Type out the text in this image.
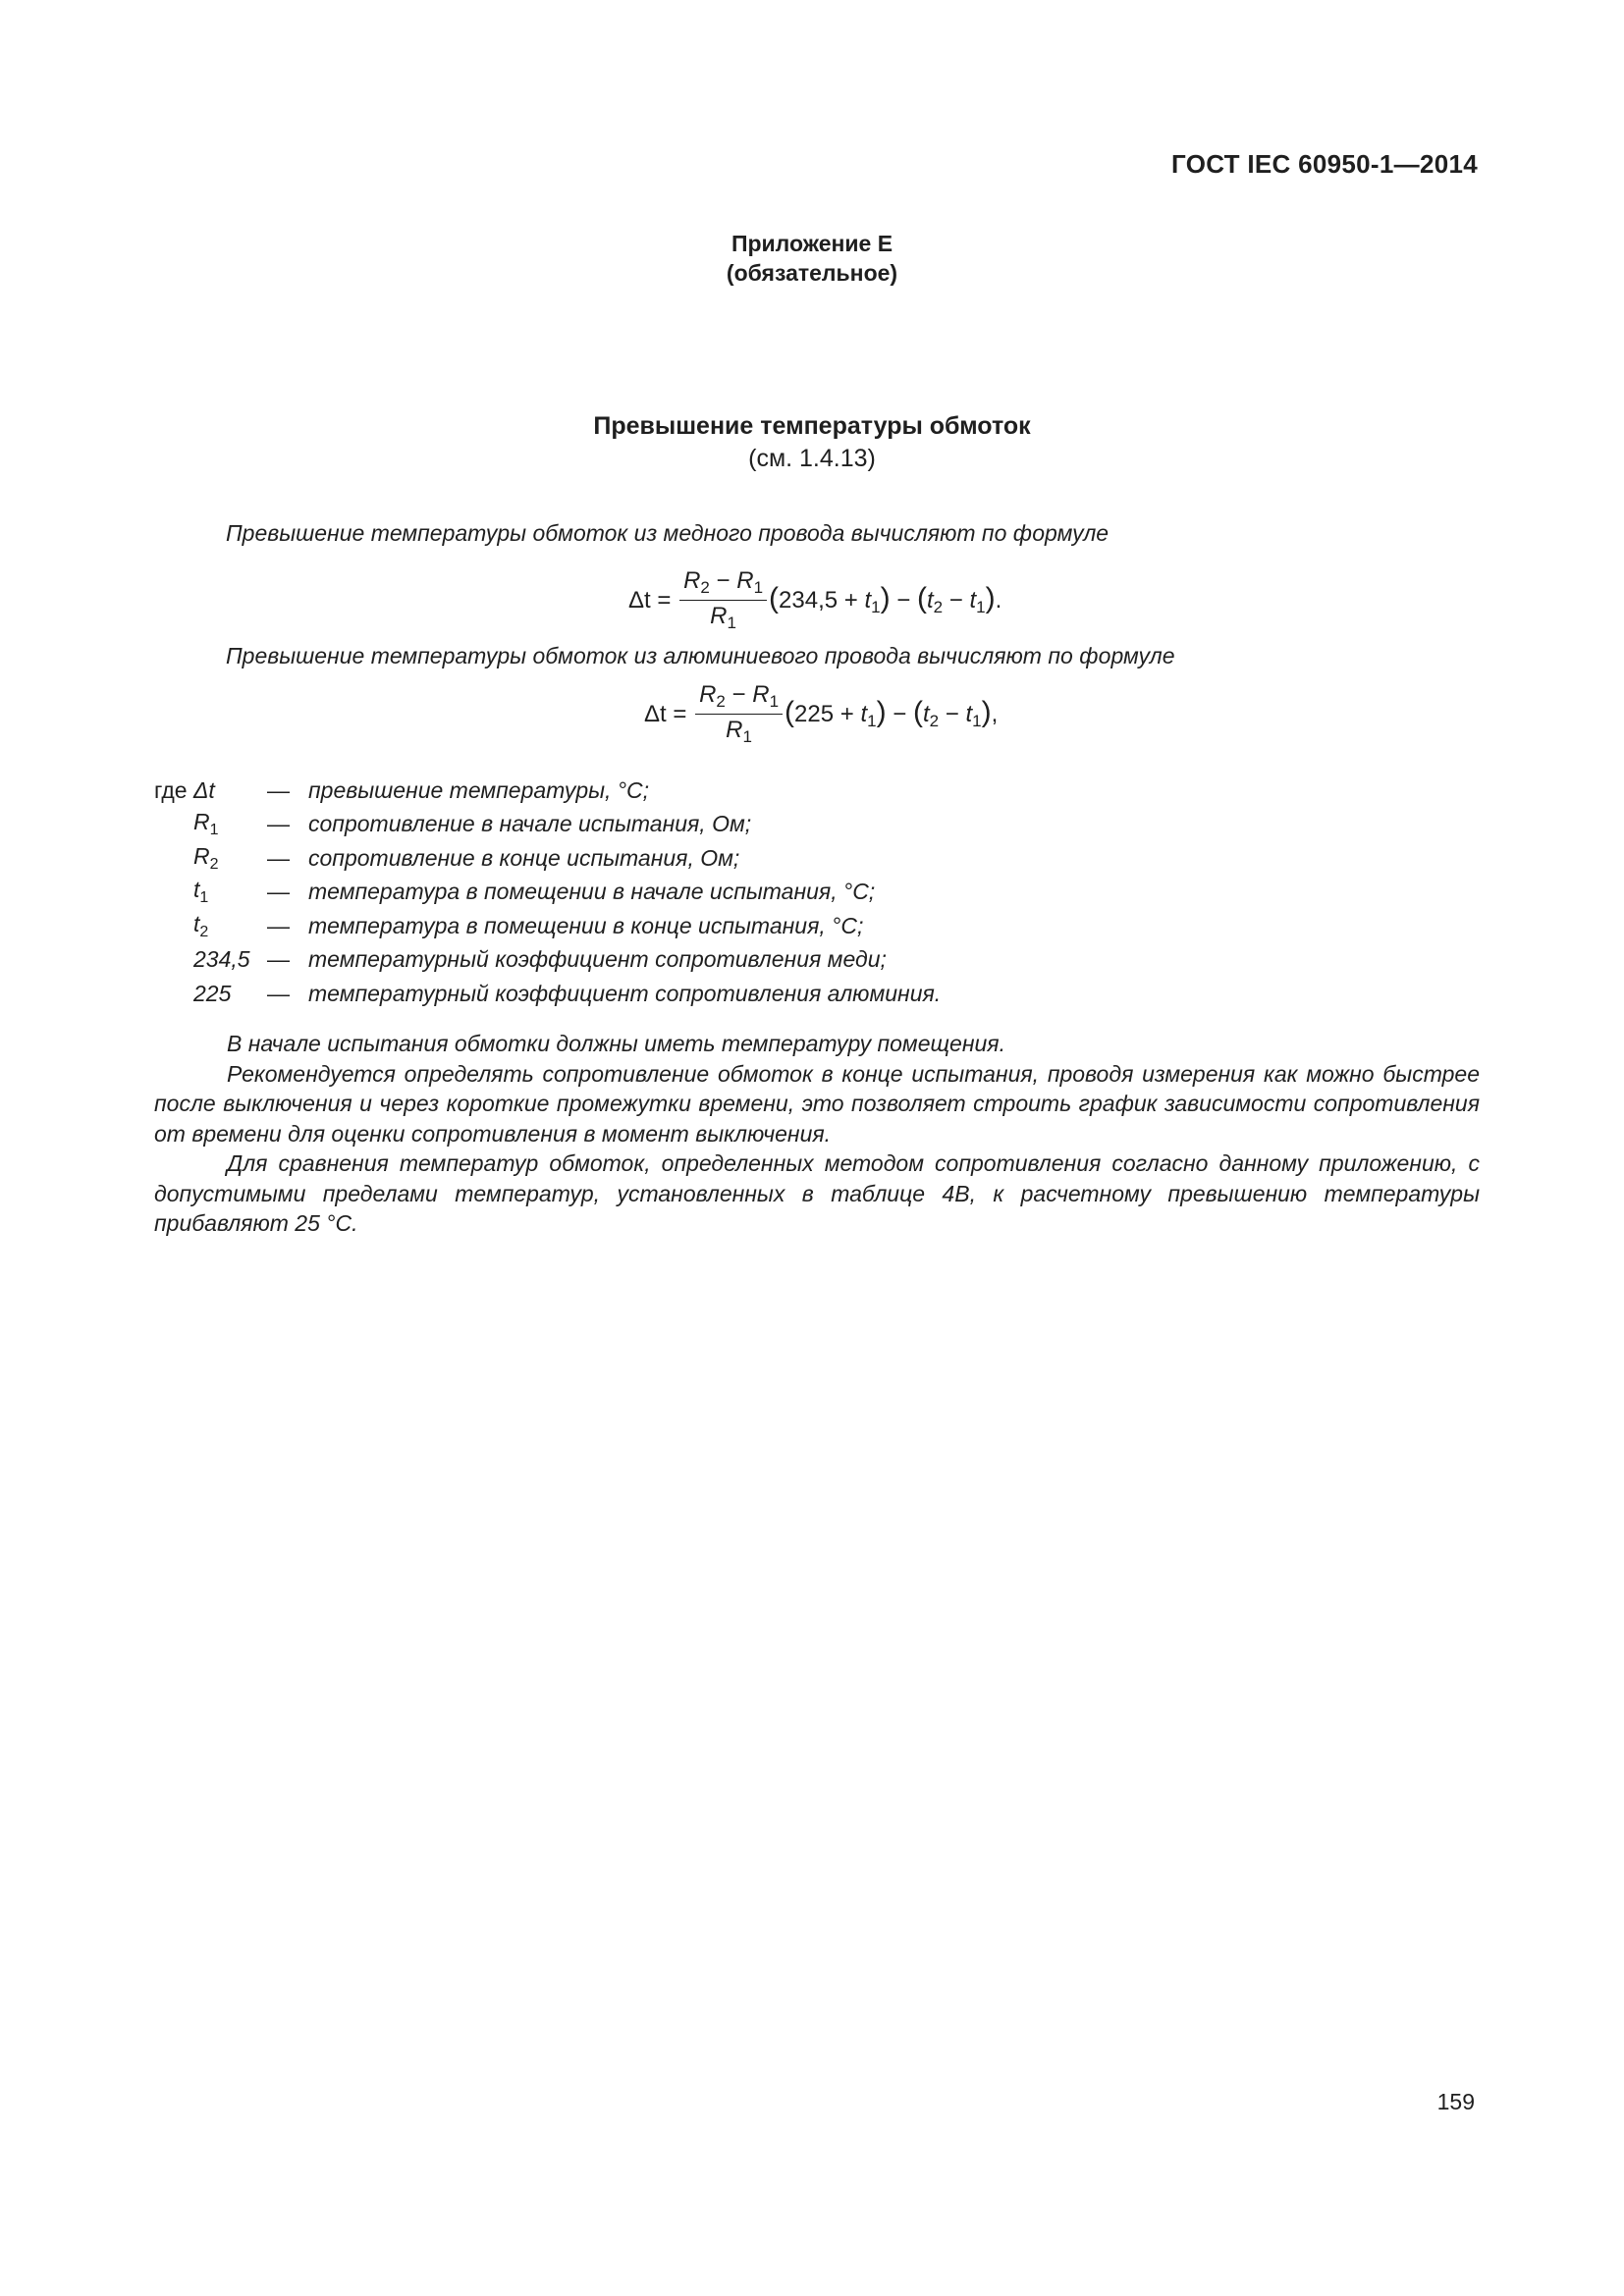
ГОСТ IEC 60950-1—2014
Приложение Е
(обязательное)
Превышение температуры обмоток
(см. 1.4.13)
Превышение температуры обмоток из медного провода вычисляют по формуле
$\Delta t = \frac{R_2 - R_1}{R_1} (234,5 + t_1) - (t_2 - t_1)$.
Превышение температуры обмоток из алюминиевого провода вычисляют по формуле
$\Delta t = \frac{R_2 - R_1}{R_1} (225 + t_1) - (t_2 - t_1)$,
где Δt	— превышение температуры, °С;
$R_1$	— сопротивление в начале испытания, Ом;
$R_2$	— сопротивление в конце испытания, Ом;
$t_1$	— температура в помещении в начале испытания, °С;
$t_2$	— температура в помещении в конце испытания, °С;
234,5 — температурный коэффициент сопротивления меди;
225	— температурный коэффициент сопротивления алюминия.

В начале испытания обмотки должны иметь температуру помещения.

Рекомендуется определять сопротивление обмоток в конце испытания, проводя измерения как можно быстрее после выключения и через короткие промежутки времени, это позволяет строить график зависимости сопротивления от времени для оценки сопротивления в момент выключения.

Для сравнения температур обмоток, определенных методом сопротивления согласно данному приложению, с допустимыми пределами температур, установленных в таблице 4В, к расчетному превышению температуры прибавляют 25 °С.

159
